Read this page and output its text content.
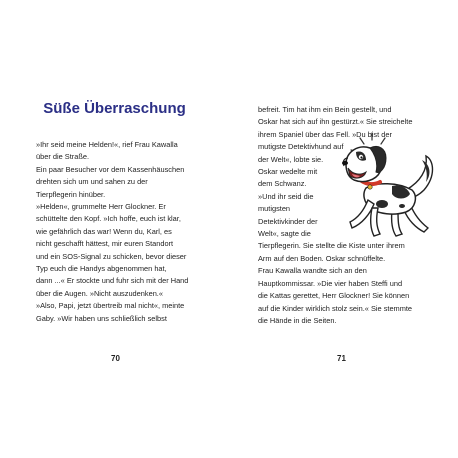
Süße Überraschung
»Ihr seid meine Helden!«, rief Frau Kawalla
über die Straße.
Ein paar Besucher vor dem Kassenhäuschen
drehten sich um und sahen zu der
Tierpflegerin hinüber.
»Helden«, grummelte Herr Glockner. Er
schüttelte den Kopf. »Ich hoffe, euch ist klar,
wie gefährlich das war! Wenn du, Karl, es
nicht geschafft hättest, mir euren Standort
und ein SOS-Signal zu schicken, bevor dieser
Typ euch die Handys abgenommen hat,
dann ...« Er stockte und fuhr sich mit der Hand
über die Augen. »Nicht auszudenken.«
»Also, Papi, jetzt übertreib mal nicht«, meinte
Gaby. »Wir haben uns schließlich selbst
70
befreit. Tim hat ihm ein Bein gestellt, und
Oskar hat sich auf ihn gestürzt.« Sie streichelte
ihrem Spaniel über das Fell. »Du bist der
mutigste Detektivhund auf
der Welt«, lobte sie.
Oskar wedelte mit
dem Schwanz.
»Und ihr seid die
mutigsten
Detektivkinder der
Welt«, sagte die
Tierpflegerin. Sie stellte die Kiste unter ihrem
Arm auf den Boden. Oskar schnüffelte.
Frau Kawalla wandte sich an den
Hauptkommissar. »Die vier haben Steffi und
die Kattas gerettet, Herr Glockner! Sie können
auf die Kinder wirklich stolz sein.« Sie stemmte
die Hände in die Seiten.
71
